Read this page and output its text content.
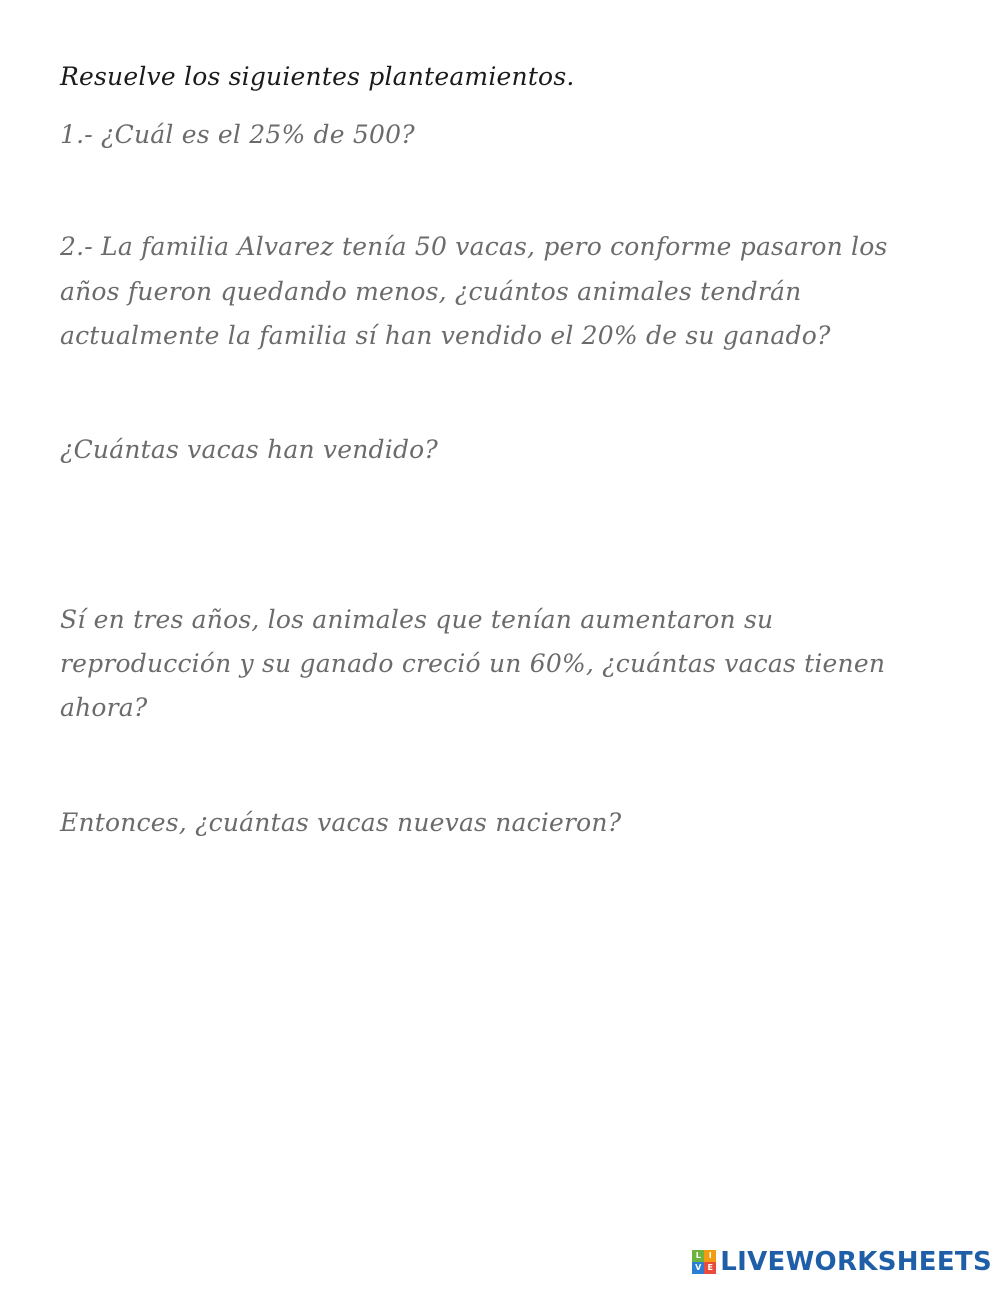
Resuelve los siguientes planteamientos.

1.- ¿Cuál es el 25% de 500?

2.- La familia Alvarez tenía 50 vacas, pero conforme pasaron los

años fueron quedando menos, ¿cuántos animales tendrán

actualmente la familia sí han vendido el 20% de su ganado?

¿Cuántas vacas han vendido?

Sí en tres años, los animales que tenían aumentaron su

reproducción y su ganado creció un 60%, ¿cuántas vacas tienen

ahora?

Entonces, ¿cuántas vacas nuevas nacieron?

L I
V E LIVEWORKSHEETS
